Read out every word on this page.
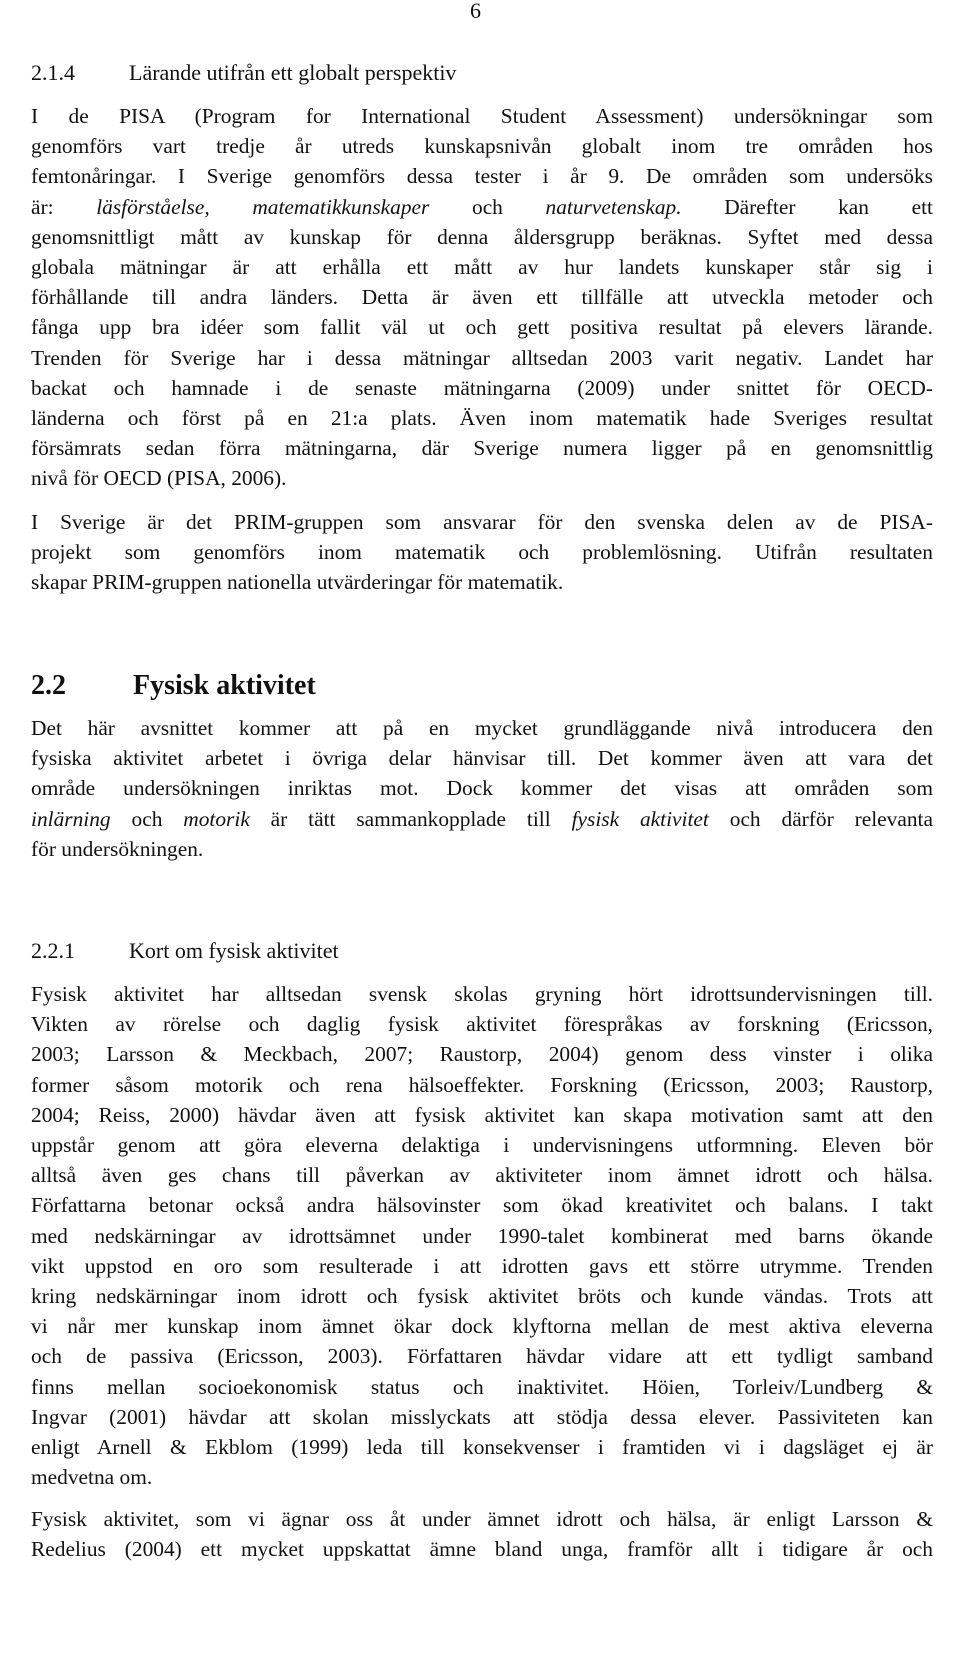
6
2.1.4 Lärande utifrån ett globalt perspektiv
I de PISA (Program for International Student Assessment) undersökningar som
genomförs vart tredje år utreds kunskapsnivån globalt inom tre områden hos
femtonåringar. I Sverige genomförs dessa tester i år 9. De områden som undersöks
är: läsförståelse, matematikkunskaper och naturvetenskap. Därefter kan ett
genomsnittligt mått av kunskap för denna åldersgrupp beräknas. Syftet med dessa
globala mätningar är att erhålla ett mått av hur landets kunskaper står sig i
förhållande till andra länders. Detta är även ett tillfälle att utveckla metoder och
fånga upp bra idéer som fallit väl ut och gett positiva resultat på elevers lärande.
Trenden för Sverige har i dessa mätningar alltsedan 2003 varit negativ. Landet har
backat och hamnade i de senaste mätningarna (2009) under snittet för OECD-
länderna och först på en 21:a plats. Även inom matematik hade Sveriges resultat
försämrats sedan förra mätningarna, där Sverige numera ligger på en genomsnittlig
nivå för OECD (PISA, 2006).
I Sverige är det PRIM-gruppen som ansvarar för den svenska delen av de PISA-
projekt som genomförs inom matematik och problemlösning. Utifrån resultaten
skapar PRIM-gruppen nationella utvärderingar för matematik.
2.2 Fysisk aktivitet
Det här avsnittet kommer att på en mycket grundläggande nivå introducera den
fysiska aktivitet arbetet i övriga delar hänvisar till. Det kommer även att vara det
område undersökningen inriktas mot. Dock kommer det visas att områden som
inlärning och motorik är tätt sammankopplade till fysisk aktivitet och därför relevanta
för undersökningen.
2.2.1 Kort om fysisk aktivitet
Fysisk aktivitet har alltsedan svensk skolas gryning hört idrottsundervisningen till.
Vikten av rörelse och daglig fysisk aktivitet förespråkas av forskning (Ericsson,
2003; Larsson & Meckbach, 2007; Raustorp, 2004) genom dess vinster i olika
former såsom motorik och rena hälsoeffekter. Forskning (Ericsson, 2003; Raustorp,
2004; Reiss, 2000) hävdar även att fysisk aktivitet kan skapa motivation samt att den
uppstår genom att göra eleverna delaktiga i undervisningens utformning. Eleven bör
alltså även ges chans till påverkan av aktiviteter inom ämnet idrott och hälsa.
Författarna betonar också andra hälsovinster som ökad kreativitet och balans. I takt
med nedskärningar av idrottsämnet under 1990-talet kombinerat med barns ökande
vikt uppstod en oro som resulterade i att idrotten gavs ett större utrymme. Trenden
kring nedskärningar inom idrott och fysisk aktivitet bröts och kunde vändas. Trots att
vi når mer kunskap inom ämnet ökar dock klyftorna mellan de mest aktiva eleverna
och de passiva (Ericsson, 2003). Författaren hävdar vidare att ett tydligt samband
finns mellan socioekonomisk status och inaktivitet. Höien, Torleiv/Lundberg &
Ingvar (2001) hävdar att skolan misslyckats att stödja dessa elever. Passiviteten kan
enligt Arnell & Ekblom (1999) leda till konsekvenser i framtiden vi i dagsläget ej är
medvetna om.
Fysisk aktivitet, som vi ägnar oss åt under ämnet idrott och hälsa, är enligt Larsson &
Redelius (2004) ett mycket uppskattat ämne bland unga, framför allt i tidigare år och
